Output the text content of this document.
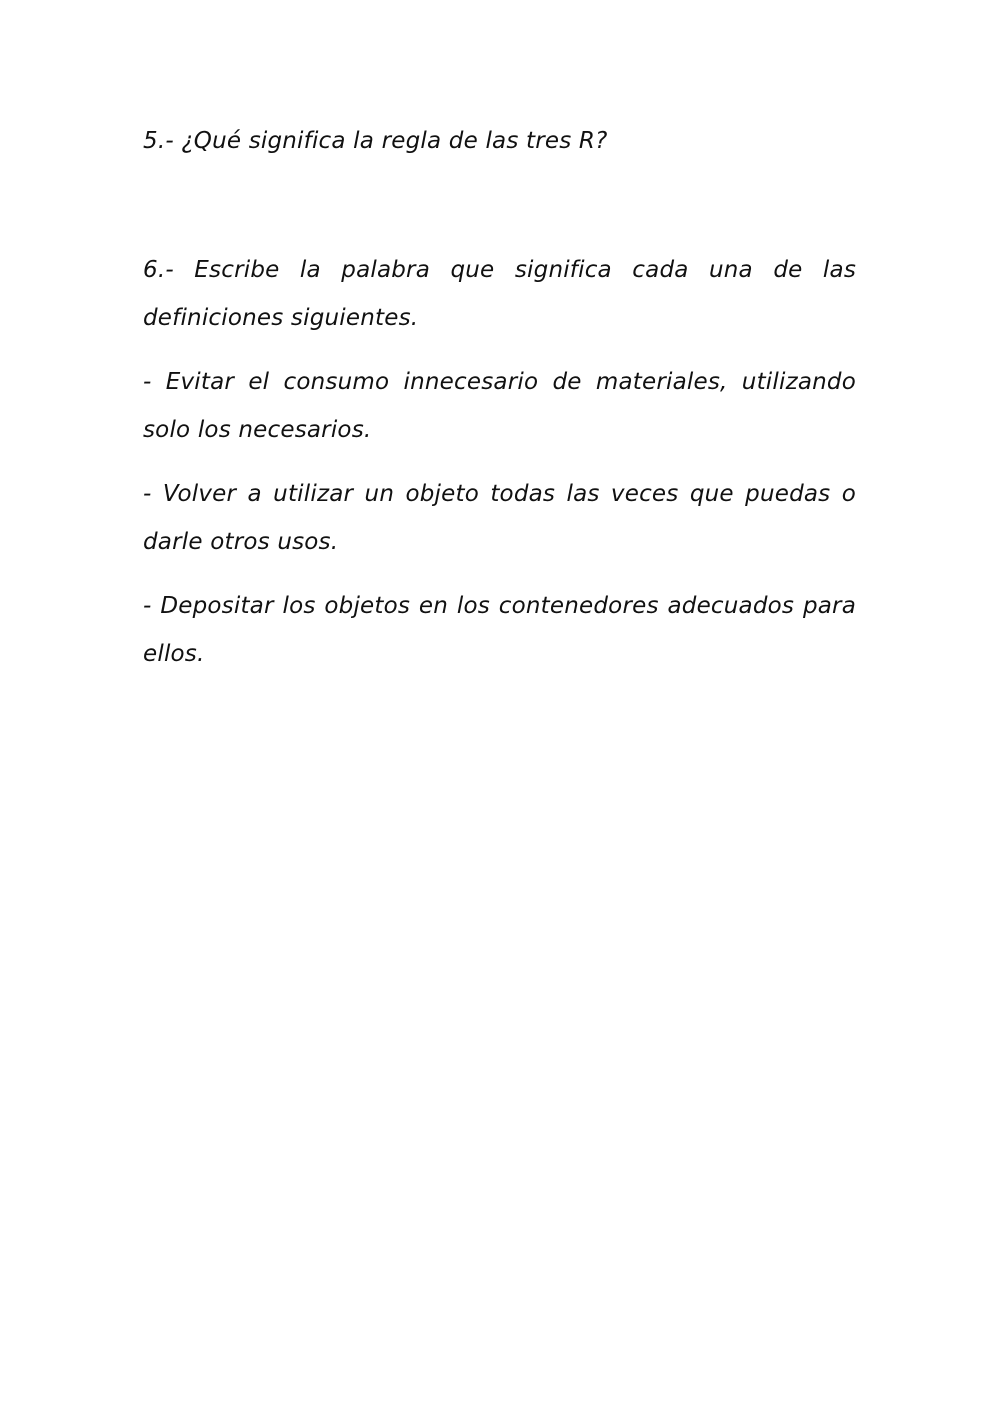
5.- ¿Qué significa la regla de las tres R?
6.- Escribe la palabra que significa cada una de las definiciones siguientes.
- Evitar el consumo innecesario de materiales, utilizando solo los necesarios.
- Volver a utilizar un objeto todas las veces que puedas o darle otros usos.
- Depositar los objetos en los contenedores adecuados para ellos.
